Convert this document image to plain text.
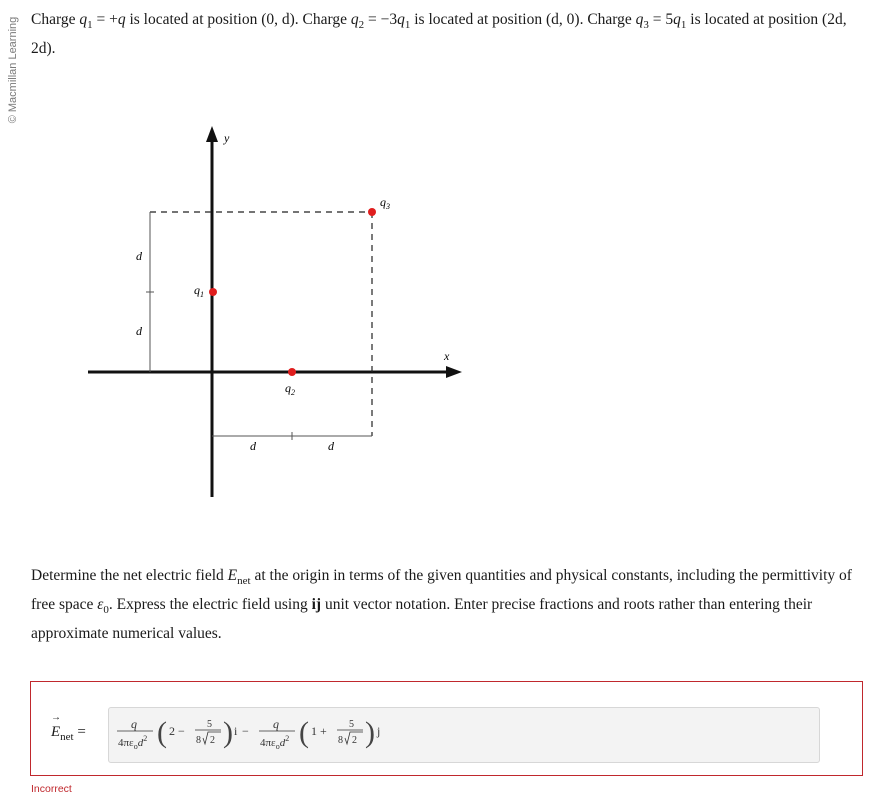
© Macmillan Learning Charge $q_1 = +q$ is located at position (0, d). Charge $q_2 = -3q_1$ is located at position (d, 0). Charge $q_3 = 5q_1$ is located at position (2d, 2d).
y
x
$q_1$
$q_2$
$q_3$
d
d
d	d
Determine the net electric field $E_{net}$ at the origin in terms of the given quantities and physical constants, including the permittivity of free space $\varepsilon_0$. Express the electric field using ij unit vector notation. Enter precise fractions and roots rather than entering their approximate numerical values.
→ $E_{net}$ =	q
$4\pi\varepsilon_od^2$ ( 2 − 5
8 2 ) i − q
$4\pi\varepsilon_od^2$ ( 1 + 5
8 2 ) j
Incorrect
